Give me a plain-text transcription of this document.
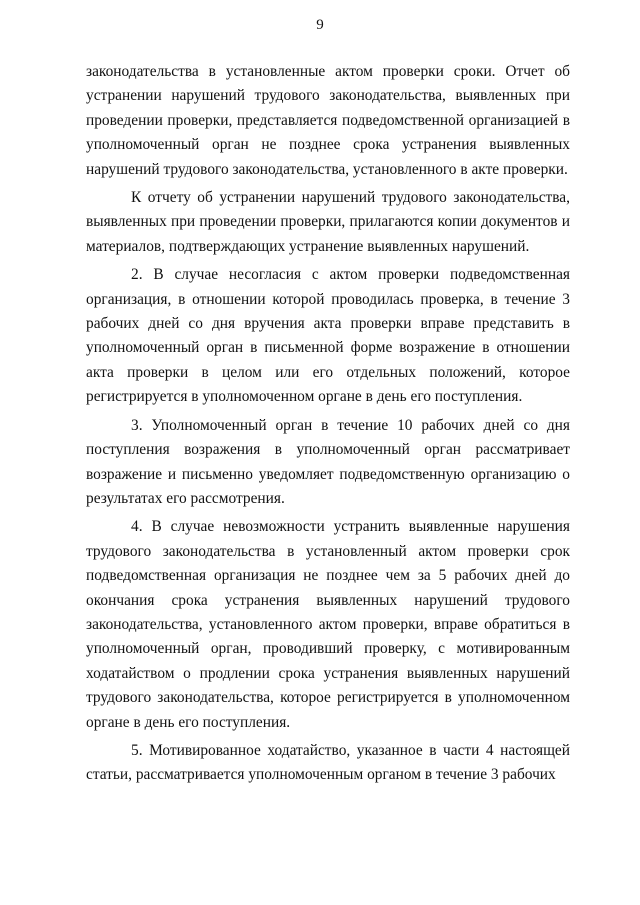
9

законодательства в установленные актом проверки сроки. Отчет об устранении нарушений трудового законодательства, выявленных при проведении проверки, представляется подведомственной организацией в уполномоченный орган не позднее срока устранения выявленных нарушений трудового законодательства, установленного в акте проверки.

К отчету об устранении нарушений трудового законодательства, выявленных при проведении проверки, прилагаются копии документов и материалов, подтверждающих устранение выявленных нарушений.

2. В случае несогласия с актом проверки подведомственная организация, в отношении которой проводилась проверка, в течение 3 рабочих дней со дня вручения акта проверки вправе представить в уполномоченный орган в письменной форме возражение в отношении акта проверки в целом или его отдельных положений, которое регистрируется в уполномоченном органе в день его поступления.

3. Уполномоченный орган в течение 10 рабочих дней со дня поступления возражения в уполномоченный орган рассматривает возражение и письменно уведомляет подведомственную организацию о результатах его рассмотрения.

4. В случае невозможности устранить выявленные нарушения трудового законодательства в установленный актом проверки срок подведомственная организация не позднее чем за 5 рабочих дней до окончания срока устранения выявленных нарушений трудового законодательства, установленного актом проверки, вправе обратиться в уполномоченный орган, проводивший проверку, с мотивированным ходатайством о продлении срока устранения выявленных нарушений трудового законодательства, которое регистрируется в уполномоченном органе в день его поступления.

5. Мотивированное ходатайство, указанное в части 4 настоящей статьи, рассматривается уполномоченным органом в течение 3 рабочих
